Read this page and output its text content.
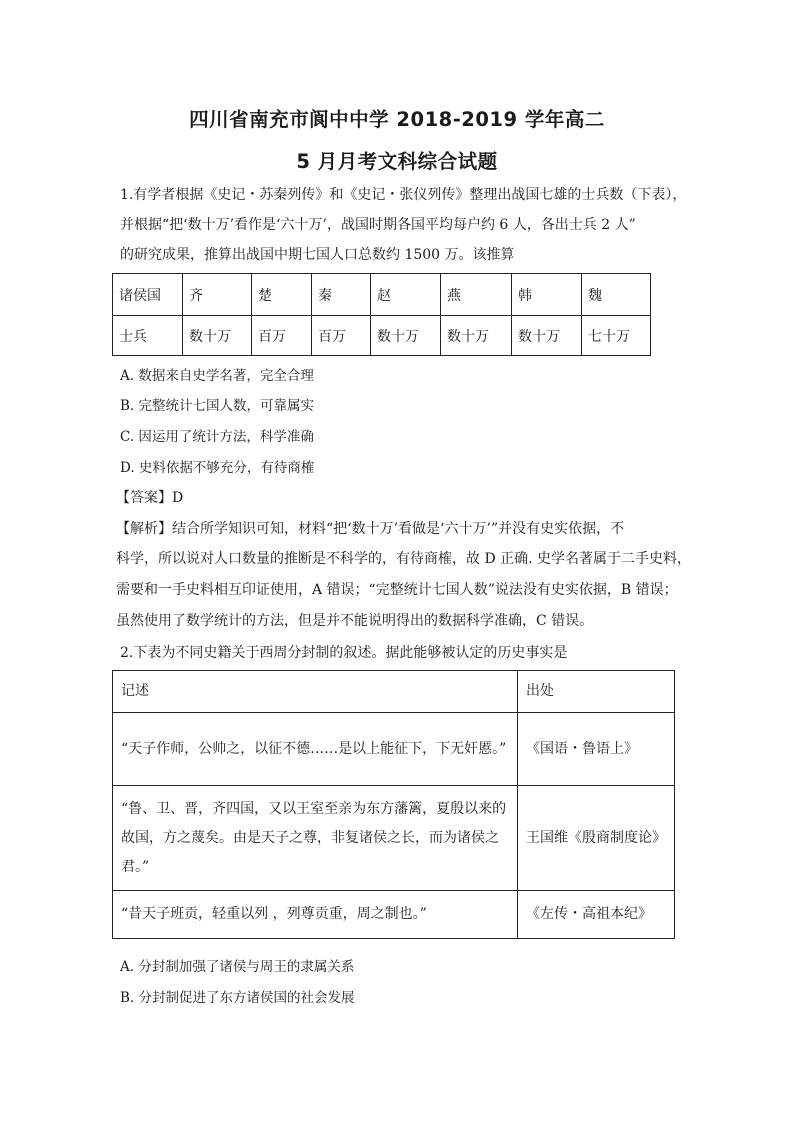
四川省南充市阆中中学 2018-2019 学年高二
5 月月考文科综合试题
1.有学者根据《史记・苏秦列传》和《史记・张仪列传》整理出战国七雄的士兵数（下表），
并根据“把‘数十万’看作是‘六十万’，战国时期各国平均每户约 6 人，各出士兵 2 人”
的研究成果，推算出战国中期七国人口总数约 1500 万。该推算
诸侯国	齐	楚	秦	赵	燕	韩	魏
士兵	数十万	百万	百万	数十万	数十万	数十万	七十万
A. 数据来自史学名著，完全合理
B. 完整统计七国人数，可靠属实
C. 因运用了统计方法，科学准确
D. 史料依据不够充分，有待商榷
【答案】D
【解析】结合所学知识可知，材料“把‘数十万’看做是‘六十万’”并没有史实依据，不
科学，所以说对人口数量的推断是不科学的，有待商榷，故 D 正确. 史学名著属于二手史料，
需要和一手史料相互印证使用，A 错误；“完整统计七国人数”说法没有史实依据，B 错误；
虽然使用了数学统计的方法，但是并不能说明得出的数据科学准确，C 错误。
2.下表为不同史籍关于西周分封制的叙述。据此能够被认定的历史事实是
记述	出处

“天子作师，公帅之，以征不德……是以上能征下，下无奸慝。”	《国语・鲁语上》

“鲁、卫、晋，齐四国，又以王室至亲为东方藩篱，夏殷以来的故国，方之蔑矣。由是天子之尊，非复诸侯之长，而为诸侯之君。”	王国维《殷商制度论》

“昔天子班贡，轻重以列 ，列尊贡重，周之制也。”	《左传・高祖本纪》
A. 分封制加强了诸侯与周王的隶属关系
B. 分封制促进了东方诸侯国的社会发展
